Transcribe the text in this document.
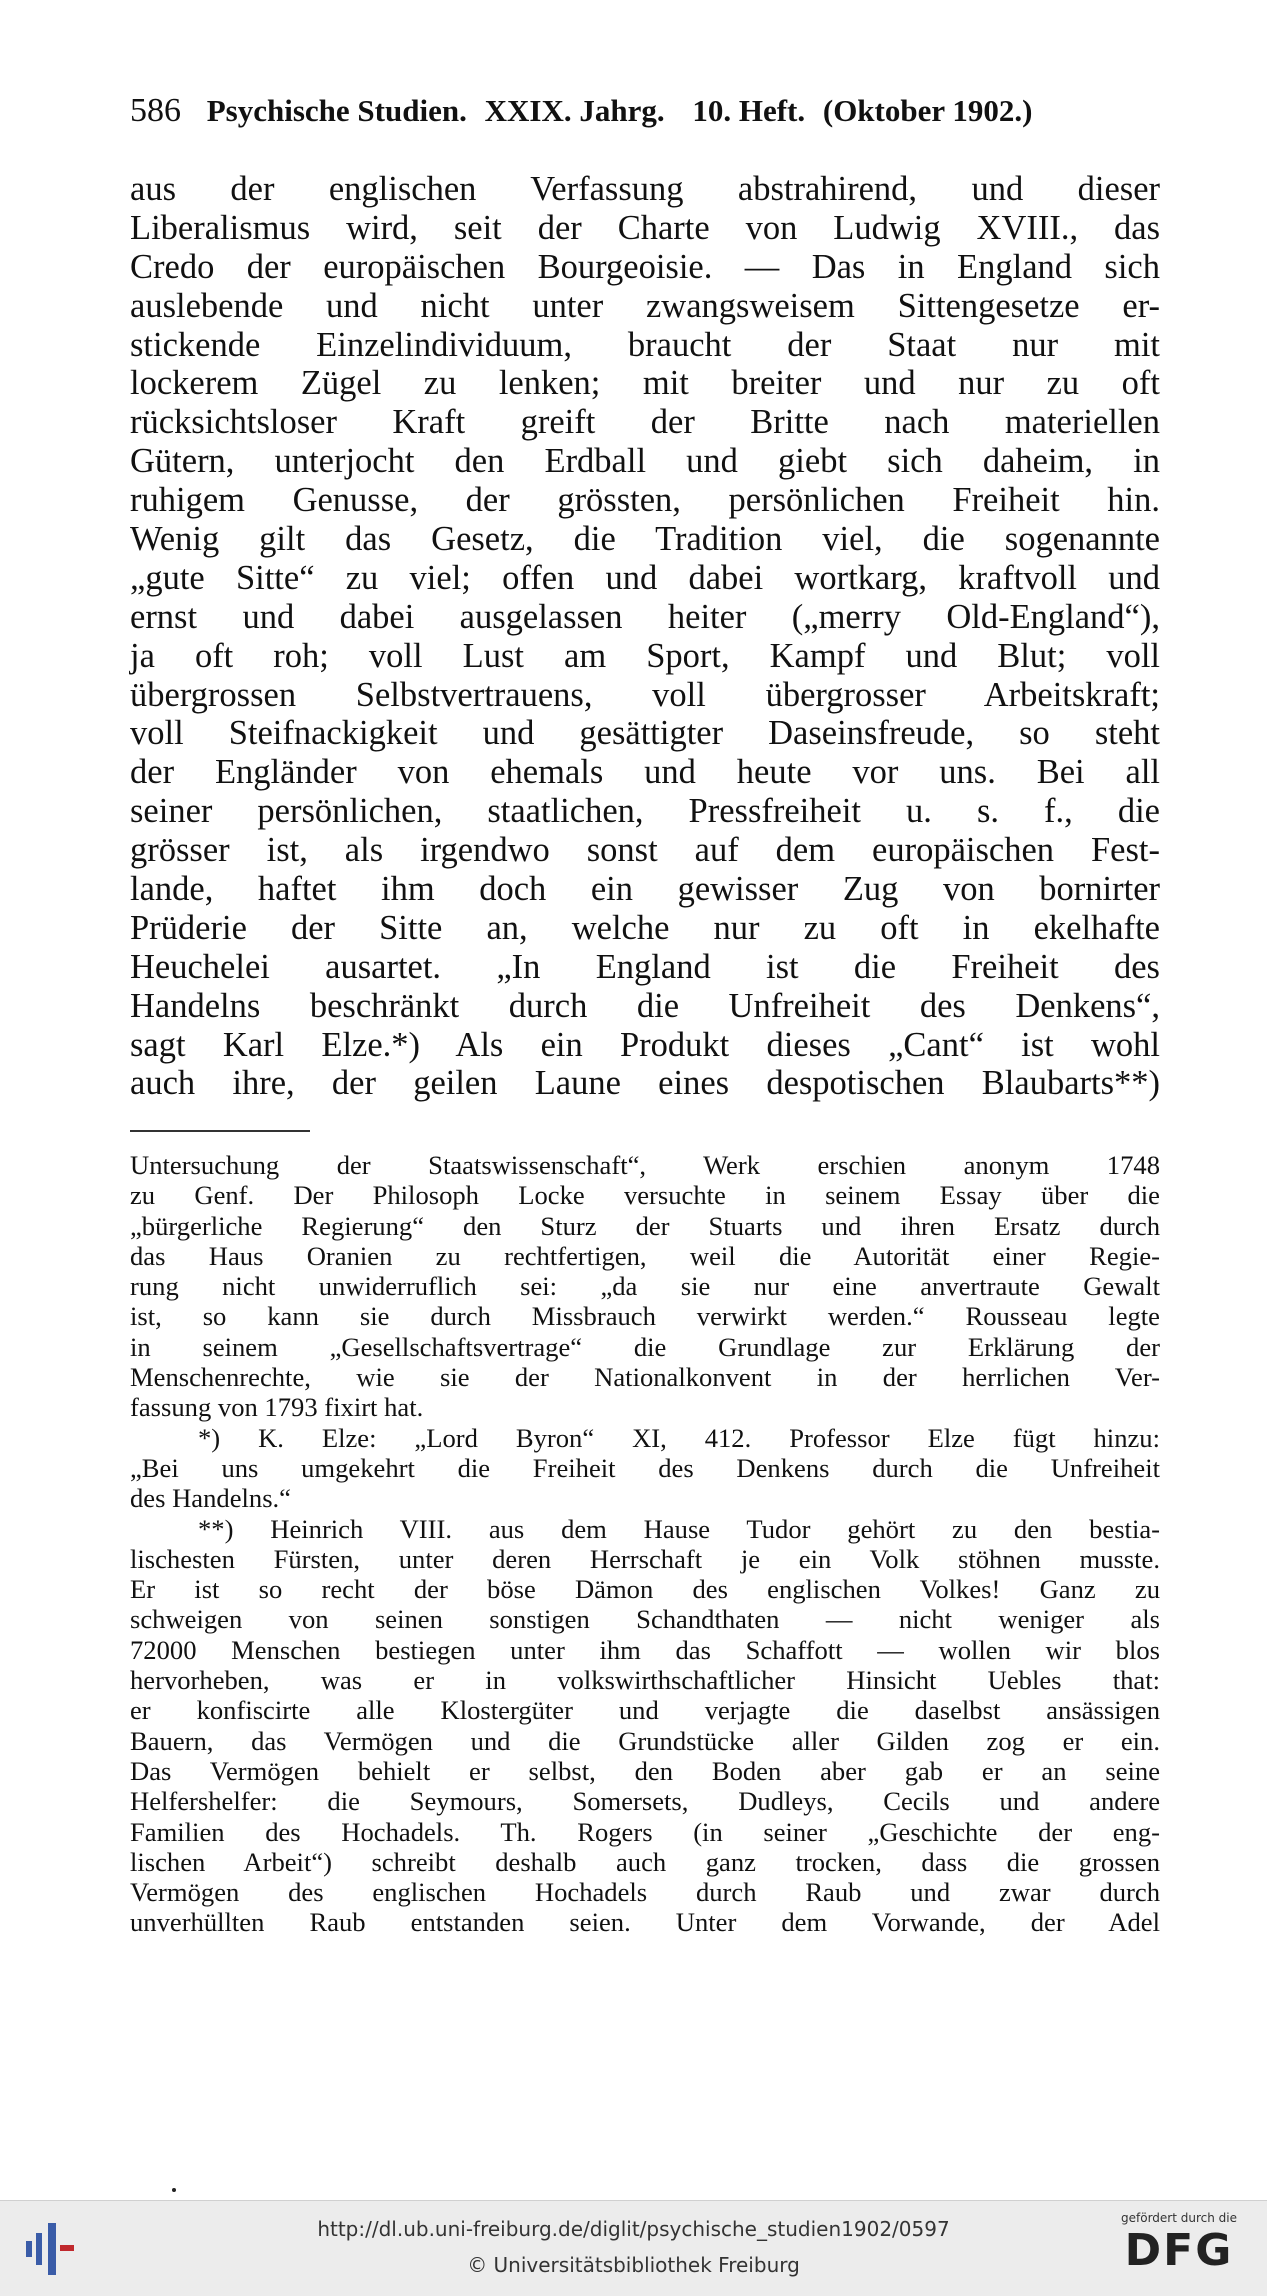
586 Psychische Studien. XXIX. Jahrg. 10. Heft. (Oktober 1902.)
aus der englischen Verfassung abstrahirend, und dieser
Liberalismus wird, seit der Charte von Ludwig XVIII., das
Credo der europäischen Bourgeoisie. — Das in England sich
auslebende und nicht unter zwangsweisem Sittengesetze er-
stickende Einzelindividuum, braucht der Staat nur mit
lockerem Zügel zu lenken; mit breiter und nur zu oft
rücksichtsloser Kraft greift der Britte nach materiellen
Gütern, unterjocht den Erdball und giebt sich daheim, in
ruhigem Genusse, der grössten, persönlichen Freiheit hin.
Wenig gilt das Gesetz, die Tradition viel, die sogenannte
„gute Sitte“ zu viel; offen und dabei wortkarg, kraftvoll und
ernst und dabei ausgelassen heiter („merry Old-England“),
ja oft roh; voll Lust am Sport, Kampf und Blut; voll
übergrossen Selbstvertrauens, voll übergrosser Arbeitskraft;
voll Steifnackigkeit und gesättigter Daseinsfreude, so steht
der Engländer von ehemals und heute vor uns. Bei all
seiner persönlichen, staatlichen, Pressfreiheit u. s. f., die
grösser ist, als irgendwo sonst auf dem europäischen Fest-
lande, haftet ihm doch ein gewisser Zug von bornirter
Prüderie der Sitte an, welche nur zu oft in ekelhafte
Heuchelei ausartet. „In England ist die Freiheit des
Handelns beschränkt durch die Unfreiheit des Denkens“,
sagt Karl Elze.*) Als ein Produkt dieses „Cant“ ist wohl
auch ihre, der geilen Laune eines despotischen Blaubarts**)
Untersuchung der Staatswissenschaft“, Werk erschien anonym 1748
zu Genf. Der Philosoph Locke versuchte in seinem Essay über die
„bürgerliche Regierung“ den Sturz der Stuarts und ihren Ersatz durch
das Haus Oranien zu rechtfertigen, weil die Autorität einer Regie-
rung nicht unwiderruflich sei: „da sie nur eine anvertraute Gewalt
ist, so kann sie durch Missbrauch verwirkt werden.“ Rousseau legte
in seinem „Gesellschaftsvertrage“ die Grundlage zur Erklärung der
Menschenrechte, wie sie der Nationalkonvent in der herrlichen Ver-
fassung von 1793 fixirt hat.
*) K. Elze: „Lord Byron“ XI, 412. Professor Elze fügt hinzu:
„Bei uns umgekehrt die Freiheit des Denkens durch die Unfreiheit
des Handelns.“
**) Heinrich VIII. aus dem Hause Tudor gehört zu den bestia-
lischesten Fürsten, unter deren Herrschaft je ein Volk stöhnen musste.
Er ist so recht der böse Dämon des englischen Volkes! Ganz zu
schweigen von seinen sonstigen Schandthaten — nicht weniger als
72000 Menschen bestiegen unter ihm das Schaffott — wollen wir blos
hervorheben, was er in volkswirthschaftlicher Hinsicht Uebles that:
er konfiscirte alle Klostergüter und verjagte die daselbst ansässigen
Bauern, das Vermögen und die Grundstücke aller Gilden zog er ein.
Das Vermögen behielt er selbst, den Boden aber gab er an seine
Helfershelfer: die Seymours, Somersets, Dudleys, Cecils und andere
Familien des Hochadels. Th. Rogers (in seiner „Geschichte der eng-
lischen Arbeit“) schreibt deshalb auch ganz trocken, dass die grossen
Vermögen des englischen Hochadels durch Raub und zwar durch
unverhüllten Raub entstanden seien. Unter dem Vorwande, der Adel
http://dl.ub.uni-freiburg.de/diglit/psychische_studien1902/0597
© Universitätsbibliothek Freiburg
gefördert durch die
DFG
